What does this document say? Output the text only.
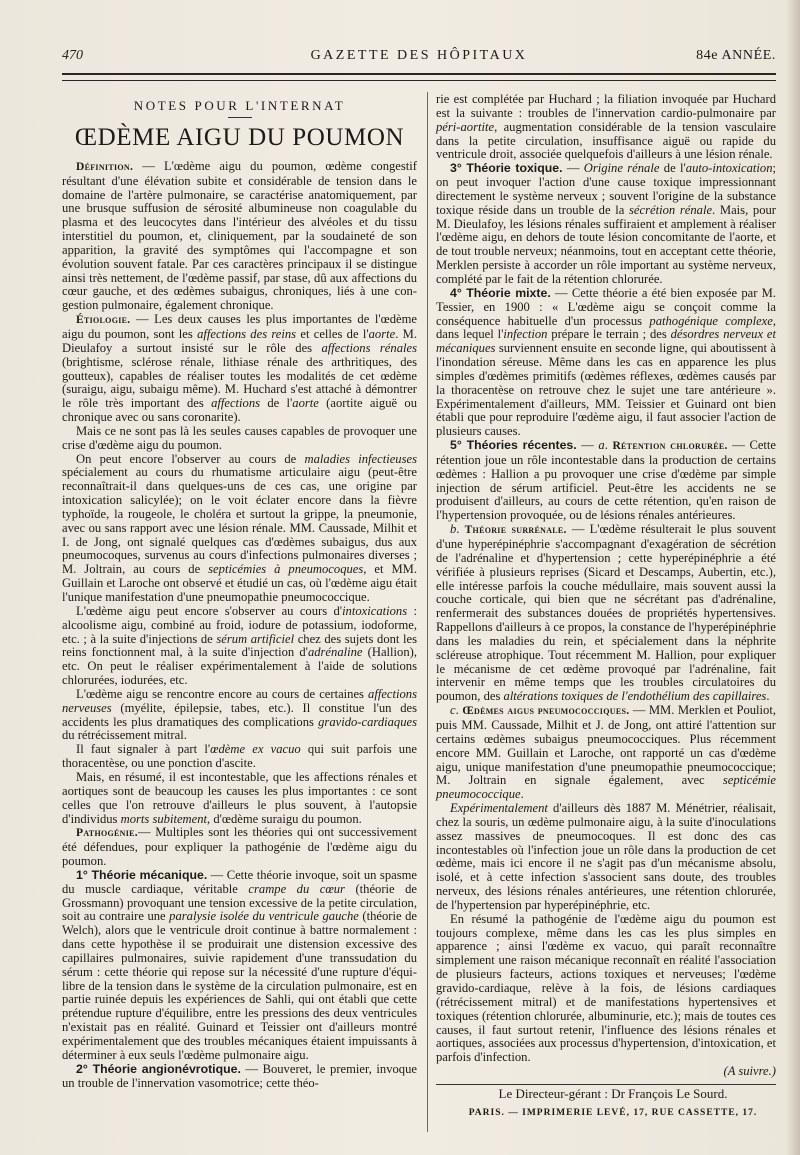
470	GAZETTE DES HÔPITAUX	84e ANNÉE.
NOTES POUR L'INTERNAT
ŒDÈME AIGU DU POUMON

Définition. — L'œdème aigu du poumon, œdème congestif résultant d'une élévation subite et considérable de tension dans le domaine de l'artère pulmonaire, se caractérise anatomiquement, par une brusque suffusion de sérosité albumineuse non coagulable du plasma et des leucocytes dans l'intérieur des alvéoles et du tissu interstitiel du poumon, et, cliniquement, par la soudaineté de son apparition, la gravité des symptômes qui l'accompagne et son évolution souvent fatale. Par ces caractères principaux il se distingue ainsi très nettement, de l'œdème passif, par stase, dû aux affections du cœur gauche, et des œdèmes subaigus, chroniques, liés à une congestion pulmonaire, également chronique.

Étiologie. — Les deux causes les plus importantes de l'œdème aigu du poumon, sont les affections des reins et celles de l'aorte. M. Dieulafoy a surtout insisté sur le rôle des affections rénales (brightisme, sclérose rénale, lithiase rénale des arthritiques, des goutteux), capables de réaliser toutes les modalités de cet œdème (suraigu, aigu, subaigu même). M. Huchard s'est attaché à démontrer le rôle très important des affections de l'aorte (aortite aiguë ou chronique avec ou sans coronarite).

Mais ce ne sont pas là les seules causes capables de provoquer une crise d'œdème aigu du poumon.

On peut encore l'observer au cours de maladies infectieuses spécialement au cours du rhumatisme articulaire aigu (peut-être reconnaîtrait-il dans quelques-uns de ces cas, une origine par intoxication salicylée); on le voit éclater encore dans la fièvre typhoïde, la rougeole, le choléra et surtout la grippe, la pneumonie, avec ou sans rapport avec une lésion rénale. MM. Caussade, Milhit et I. de Jong, ont signalé quelques cas d'œdèmes subaigus, dus aux pneumocoques, survenus au cours d'infections pulmonaires diverses ; M. Joltrain, au cours de septicémies à pneumocoques, et MM. Guillain et Laroche ont observé et étudié un cas, où l'œdème aigu était l'unique manifestation d'une pneumopathie pneumococcique.

L'œdème aigu peut encore s'observer au cours d'intoxications : alcoolisme aigu, combiné au froid, iodure de potassium, iodoforme, etc. ; à la suite d'injections de sérum artificiel chez des sujets dont les reins fonctionnent mal, à la suite d'injection d'adrénaline (Hallion), etc. On peut le réaliser expérimentalement à l'aide de solutions chlorurées, iodurées, etc.

L'œdème aigu se rencontre encore au cours de certaines affections nerveuses (myélite, épilepsie, tabes, etc.). Il constitue l'un des accidents les plus dramatiques des complications gravido-cardiaques du rétrécissement mitral.

Il faut signaler à part l'œdème ex vacuo qui suit parfois une thoracentèse, ou une ponction d'ascite.

Mais, en résumé, il est incontestable, que les affections rénales et aortiques sont de beaucoup les causes les plus importantes : ce sont celles que l'on retrouve d'ailleurs le plus souvent, à l'autopsie d'individus morts subitement, d'œdème suraigu du poumon.

Pathogénie.— Multiples sont les théories qui ont successivement été défendues, pour expliquer la pathogénie de l'œdème aigu du poumon.

1° Théorie mécanique. — Cette théorie invoque, soit un spasme du muscle cardiaque, véritable crampe du cœur (théorie de Grossmann) provoquant une tension excessive de la petite circulation, soit au contraire une paralysie isolée du ventricule gauche (théorie de Welch), alors que le ventricule droit continue à battre normalement : dans cette hypothèse il se produirait une distension excessive des capillaires pulmonaires, suivie rapidement d'une transsudation du sérum : cette théorie qui repose sur la nécessité d'une rupture d'équilibre de la tension dans le système de la circulation pulmonaire, est en partie ruinée depuis les expériences de Sahli, qui ont établi que cette prétendue rupture d'équilibre, entre les pressions des deux ventricules n'existait pas en réalité. Guinard et Teissier ont d'ailleurs montré expérimentalement que des troubles mécaniques étaient impuissants à déterminer à eux seuls l'œdème pulmonaire aigu.

2° Théorie angionévrotique. — Bouveret, le premier, invoque un trouble de l'innervation vasomotrice; cette théo-

rie est complétée par Huchard ; la filiation invoquée par Huchard est la suivante : troubles de l'innervation cardio-pulmonaire par péri-aortite, augmentation considérable de la tension vasculaire dans la petite circulation, insuffisance aiguë ou rapide du ventricule droit, associée quelquefois d'ailleurs à une lésion rénale.

3° Théorie toxique. — Origine rénale de l'auto-intoxication; on peut invoquer l'action d'une cause toxique impressionnant directement le système nerveux ; souvent l'origine de la substance toxique réside dans un trouble de la sécrétion rénale. Mais, pour M. Dieulafoy, les lésions rénales suffiraient et amplement à réaliser l'œdème aigu, en dehors de toute lésion concomitante de l'aorte, et de tout trouble nerveux; néanmoins, tout en acceptant cette théorie, Merklen persiste à accorder un rôle important au système nerveux, complété par le fait de la rétention chlorurée.

4° Théorie mixte. — Cette théorie a été bien exposée par M. Tessier, en 1900 : « L'œdème aigu se conçoit comme la conséquence habituelle d'un processus pathogénique complexe, dans lequel l'infection prépare le terrain ; des désordres nerveux et mécaniques surviennent ensuite en seconde ligne, qui aboutissent à l'inondation séreuse. Même dans les cas en apparence les plus simples d'œdèmes primitifs (œdèmes réflexes, œdèmes causés par la thoracentèse on retrouve chez le sujet une tare antérieure ». Expérimentalement d'ailleurs, MM. Teissier et Guinard ont bien établi que pour reproduire l'œdème aigu, il faut associer l'action de plusieurs causes.

5° Théories récentes. — a. Rétention chlorurée. — Cette rétention joue un rôle incontestable dans la production de certains œdèmes : Hallion a pu provoquer une crise d'œdème par simple injection de sérum artificiel. Peut-être les accidents ne se produisent d'ailleurs, au cours de cette rétention, qu'en raison de l'hypertension provoquée, ou de lésions rénales antérieures.

b. Théorie surrénale. — L'œdème résulterait le plus souvent d'une hyperépinéphrie s'accompagnant d'exagération de sécrétion de l'adrénaline et d'hypertension ; cette hyperépinéphrie a été vérifiée à plusieurs reprises (Sicard et Descamps, Aubertin, etc.), elle intéresse parfois la couche médullaire, mais souvent aussi la couche corticale, qui bien que ne sécrétant pas d'adrénaline, renfermerait des substances douées de propriétés hypertensives. Rappellons d'ailleurs à ce propos, la constance de l'hyperépinéphrie dans les maladies du rein, et spécialement dans la néphrite scléreuse atrophique. Tout récemment M. Hallion, pour expliquer le mécanisme de cet œdème provoqué par l'adrénaline, fait intervenir en même temps que les troubles circulatoires du poumon, des altérations toxiques de l'endothélium des capillaires.

c. Œdèmes aigus pneumococciques. — MM. Merklen et Pouliot, puis MM. Caussade, Milhit et J. de Jong, ont attiré l'attention sur certains œdèmes subaigus pneumococciques. Plus récemment encore MM. Guillain et Laroche, ont rapporté un cas d'œdème aigu, unique manifestation d'une pneumopathie pneumococcique; M. Joltrain en signale également, avec septicémie pneumococcique.

Expérimentalement d'ailleurs dès 1887 M. Ménétrier, réalisait, chez la souris, un œdème pulmonaire aigu, à la suite d'inoculations assez massives de pneumocoques. Il est donc des cas incontestables où l'infection joue un rôle dans la production de cet œdème, mais ici encore il ne s'agit pas d'un mécanisme absolu, isolé, et à cette infection s'associent sans doute, des troubles nerveux, des lésions rénales antérieures, une rétention chlorurée, de l'hypertension par hyperépinéphrie, etc.

En résumé la pathogénie de l'œdème aigu du poumon est toujours complexe, même dans les cas les plus simples en apparence ; ainsi l'œdème ex vacuo, qui paraît reconnaître simplement une raison mécanique reconnaît en réalité l'association de plusieurs facteurs, actions toxiques et nerveuses; l'œdème gravido-cardiaque, relève à la fois, de lésions cardiaques (rétrécissement mitral) et de manifestations hypertensives et toxiques (rétention chlorurée, albuminurie, etc.); mais de toutes ces causes, il faut surtout retenir, l'influence des lésions rénales et aortiques, associées aux processus d'hypertension, d'intoxication, et parfois d'infection.

(A suivre.)

Le Directeur-gérant : Dr François Le Sourd.

PARIS. — IMPRIMERIE LEVÉ, 17, RUE CASSETTE, 17.
